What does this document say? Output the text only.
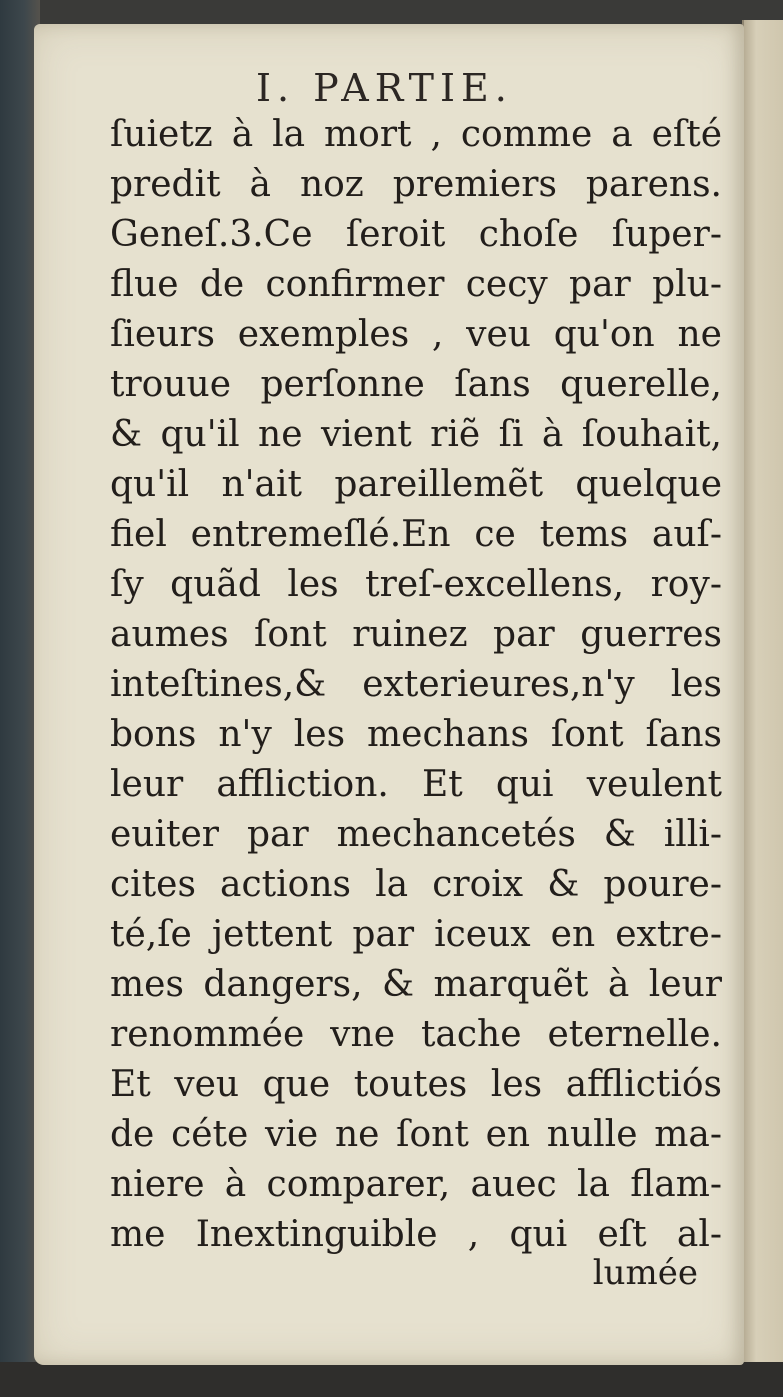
I. PARTIE.
ſuietz à la mort , comme a eſté
predit à noz premiers parens.
Geneſ.3.Ce ſeroit choſe ſuper-
flue de confirmer cecy par plu-
ſieurs exemples , veu qu'on ne
trouue perſonne ſans querelle,
& qu'il ne vient riẽ ſi à ſouhait,
qu'il n'ait pareillemẽt quelque
fiel entremeſlé.En ce tems auſ-
ſy quãd les treſ-excellens, roy-
aumes ſont ruinez par guerres
inteſtines,& exterieures,n'y les
bons n'y les mechans ſont ſans
leur affliction. Et qui veulent
euiter par mechancetés & illi-
cites actions la croix & poure-
té,ſe jettent par iceux en extre-
mes dangers, & marquẽt à leur
renommée vne tache eternelle.
Et veu que toutes les afflictiós
de céte vie ne ſont en nulle ma-
niere à comparer, auec la flam-
me Inextinguible , qui eſt al-
lumée
